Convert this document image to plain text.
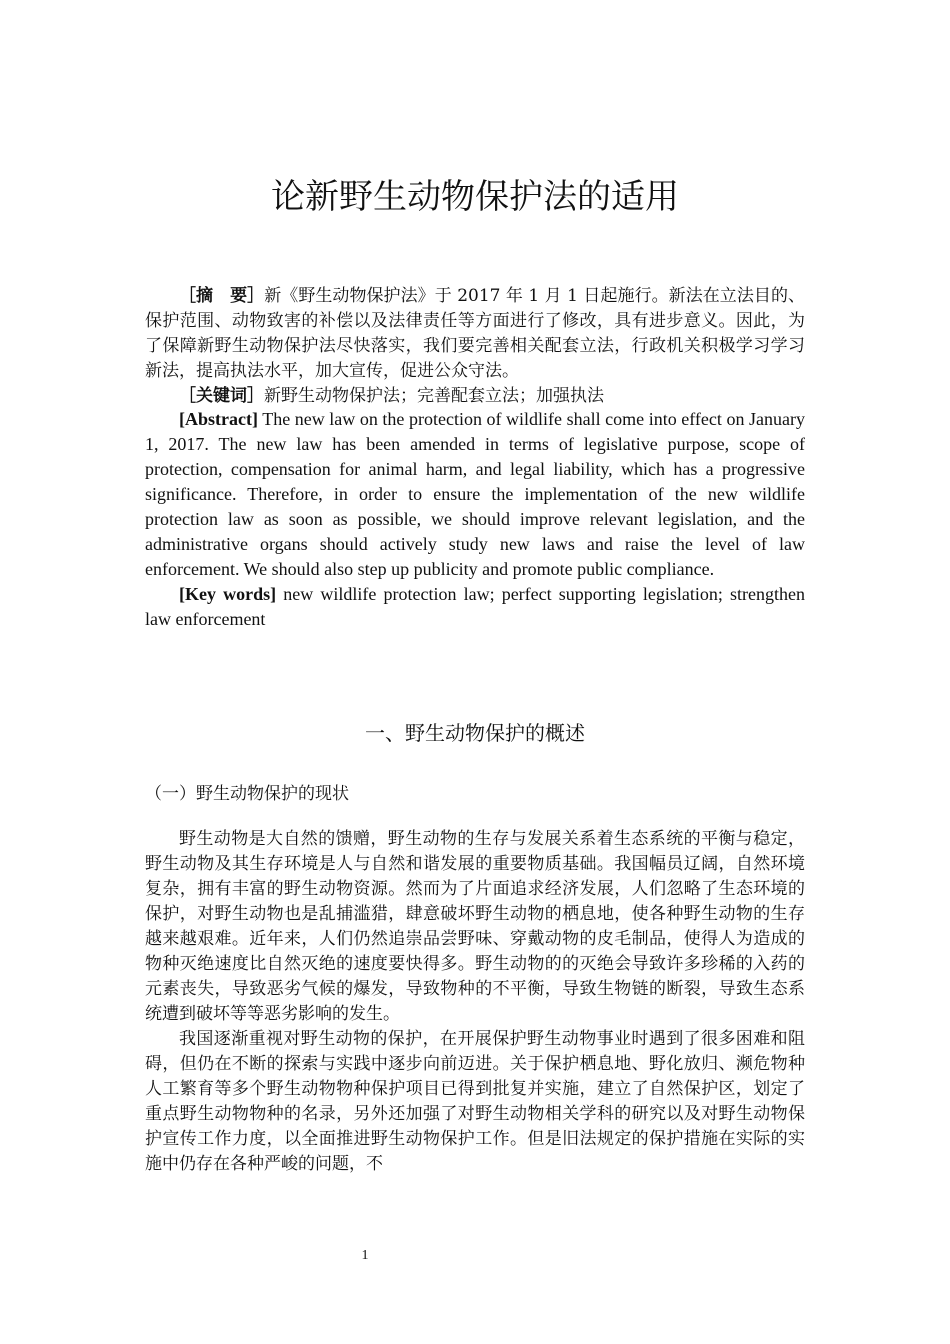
论新野生动物保护法的适用
［摘　要］新《野生动物保护法》于 2017 年 1 月 1 日起施行。新法在立法目的、保护范围、动物致害的补偿以及法律责任等方面进行了修改，具有进步意义。因此，为了保障新野生动物保护法尽快落实，我们要完善相关配套立法，行政机关积极学习学习新法，提高执法水平，加大宣传，促进公众守法。
［关键词］新野生动物保护法；完善配套立法；加强执法
[Abstract] The new law on the protection of wildlife shall come into effect on January 1, 2017. The new law has been amended in terms of legislative purpose, scope of protection, compensation for animal harm, and legal liability, which has a progressive significance. Therefore, in order to ensure the implementation of the new wildlife protection law as soon as possible, we should improve relevant legislation, and the administrative organs should actively study new laws and raise the level of law enforcement. We should also step up publicity and promote public compliance.
[Key words] new wildlife protection law; perfect supporting legislation; strengthen law enforcement
一、野生动物保护的概述
（一）野生动物保护的现状
野生动物是大自然的馈赠，野生动物的生存与发展关系着生态系统的平衡与稳定，野生动物及其生存环境是人与自然和谐发展的重要物质基础。我国幅员辽阔，自然环境复杂，拥有丰富的野生动物资源。然而为了片面追求经济发展，人们忽略了生态环境的保护，对野生动物也是乱捕滥猎，肆意破坏野生动物的栖息地，使各种野生动物的生存越来越艰难。近年来，人们仍然追崇品尝野味、穿戴动物的皮毛制品，使得人为造成的物种灭绝速度比自然灭绝的速度要快得多。野生动物的的灭绝会导致许多珍稀的入药的元素丧失，导致恶劣气候的爆发，导致物种的不平衡，导致生物链的断裂，导致生态系统遭到破坏等等恶劣影响的发生。
我国逐渐重视对野生动物的保护，在开展保护野生动物事业时遇到了很多困难和阻碍，但仍在不断的探索与实践中逐步向前迈进。关于保护栖息地、野化放归、濒危物种人工繁育等多个野生动物物种保护项目已得到批复并实施，建立了自然保护区，划定了重点野生动物物种的名录，另外还加强了对野生动物相关学科的研究以及对野生动物保护宣传工作力度，以全面推进野生动物保护工作。但是旧法规定的保护措施在实际的实施中仍存在各种严峻的问题，不
1
